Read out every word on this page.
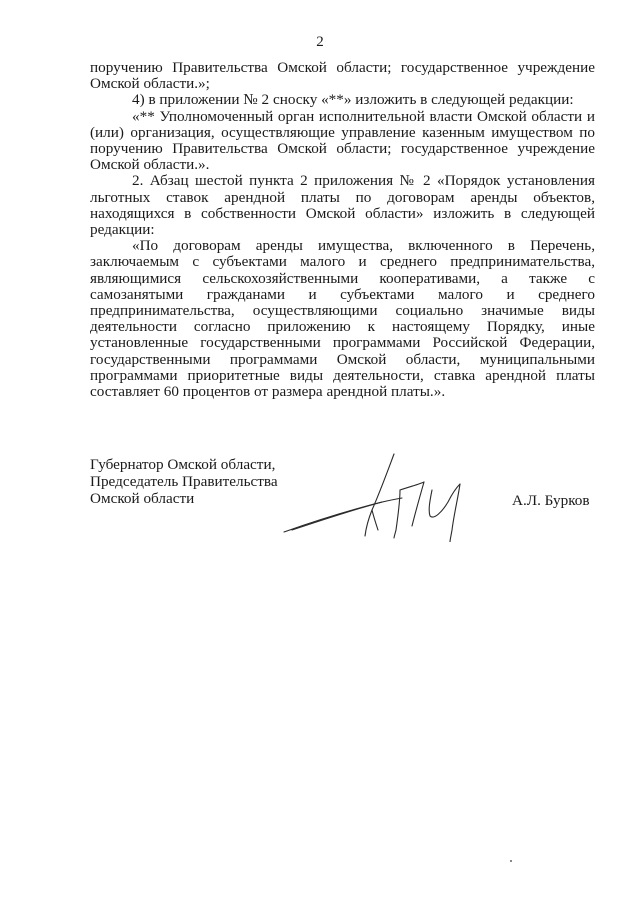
2

поручению Правительства Омской области; государственное учреждение Омской области.»;

4) в приложении № 2 сноску «**» изложить в следующей редакции:

«** Уполномоченный орган исполнительной власти Омской области и (или) организация, осуществляющие управление казенным имуществом по поручению Правительства Омской области; государственное учреждение Омской области.».

2. Абзац шестой пункта 2 приложения № 2 «Порядок установления льготных ставок арендной платы по договорам аренды объектов, находящихся в собственности Омской области» изложить в следующей редакции:

«По договорам аренды имущества, включенного в Перечень, заключаемым с субъектами малого и среднего предпринимательства, являющимися сельскохозяйственными кооперативами, а также с самозанятыми гражданами и субъектами малого и среднего предпринимательства, осуществляющими социально значимые виды деятельности согласно приложению к настоящему Порядку, иные установленные государственными программами Российской Федерации, государственными программами Омской области, муниципальными программами приоритетные виды деятельности, ставка арендной платы составляет 60 процентов от размера арендной платы.».

Губернатор Омской области,
Председатель Правительства
Омской области	А.Л. Бурков
